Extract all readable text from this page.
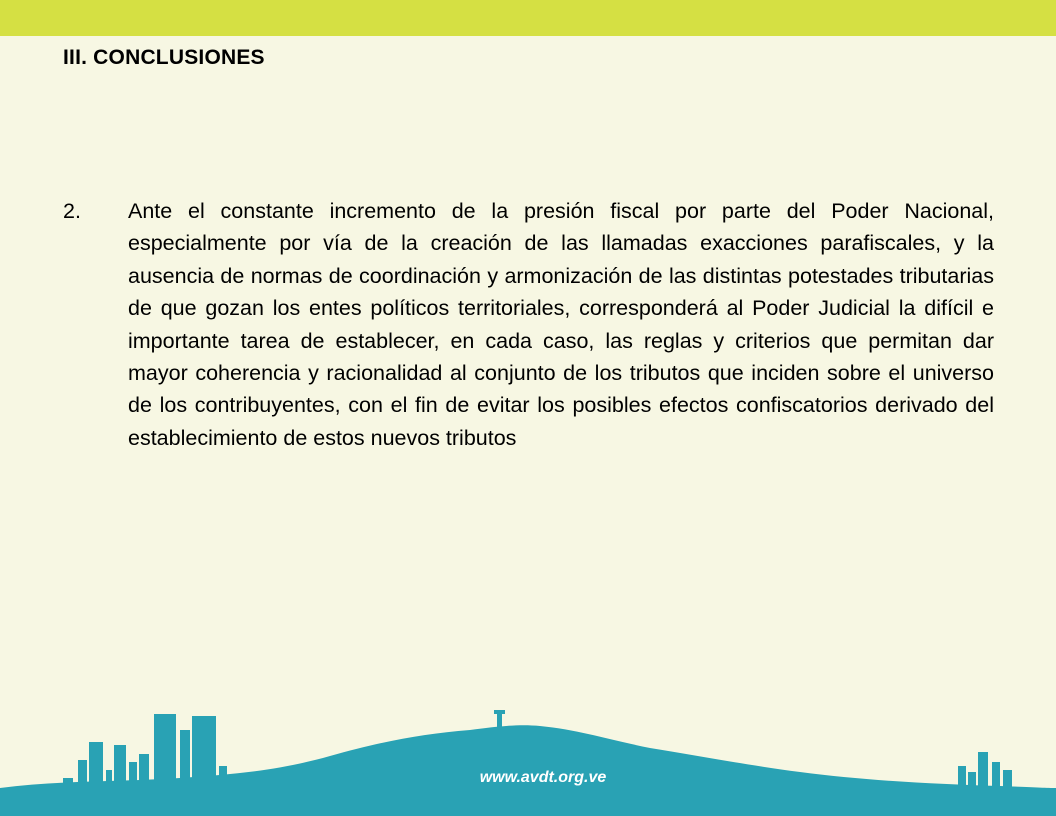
III. CONCLUSIONES
2. Ante el constante incremento de la presión fiscal por parte del Poder Nacional, especialmente por vía de la creación de las llamadas exacciones parafiscales, y la ausencia de normas de coordinación y armonización de las distintas potestades tributarias de que gozan los entes políticos territoriales, corresponderá al Poder Judicial la difícil e importante tarea de establecer, en cada caso, las reglas y criterios que permitan dar mayor coherencia y racionalidad al conjunto de los tributos que inciden sobre el universo de los contribuyentes, con el fin de evitar los posibles efectos confiscatorios derivado del establecimiento de estos nuevos tributos

www.avdt.org.ve
